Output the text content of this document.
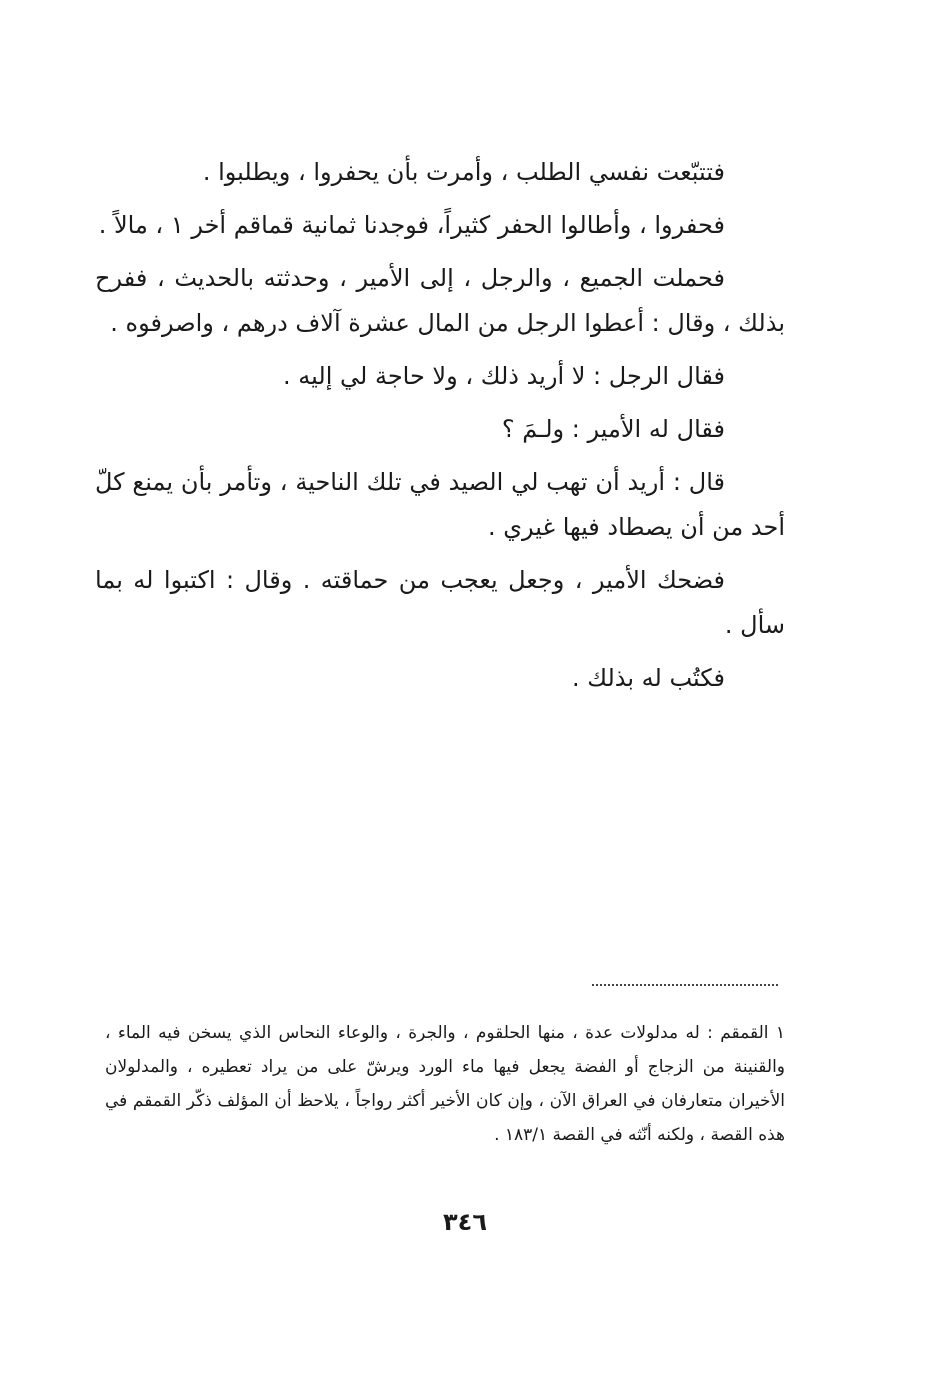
فتتبّعت نفسي الطلب ، وأمرت بأن يحفروا ، ويطلبوا .

فحفروا ، وأطالوا الحفر كثيراً، فوجدنا ثمانية قماقم أخر ١ ، مالاً .

فحملت الجميع ، والرجل ، إلى الأمير ، وحدثته بالحديث ، ففرح بذلك ، وقال : أعطوا الرجل من المال عشرة آلاف درهم ، واصرفوه .

فقال الرجل : لا أريد ذلك ، ولا حاجة لي إليه .

فقال له الأمير : ولـمَ ؟

قال : أريد أن تهب لي الصيد في تلك الناحية ، وتأمر بأن يمنع كلّ أحد من أن يصطاد فيها غيري .

فضحك الأمير ، وجعل يعجب من حماقته . وقال : اكتبوا له بما سأل .

فكتُب له بذلك .

١ القمقم : له مدلولات عدة ، منها الحلقوم ، والجرة ، والوعاء النحاس الذي يسخن فيه الماء ، والقنينة من الزجاج أو الفضة يجعل فيها ماء الورد ويرشّ على من يراد تعطيره ، والمدلولان الأخيران متعارفان في العراق الآن ، وإن كان الأخير أكثر رواجاً ، يلاحظ أن المؤلف ذكّر القمقم في هذه القصة ، ولكنه أنّثه في القصة ١٨٣/١ .

٣٤٦
